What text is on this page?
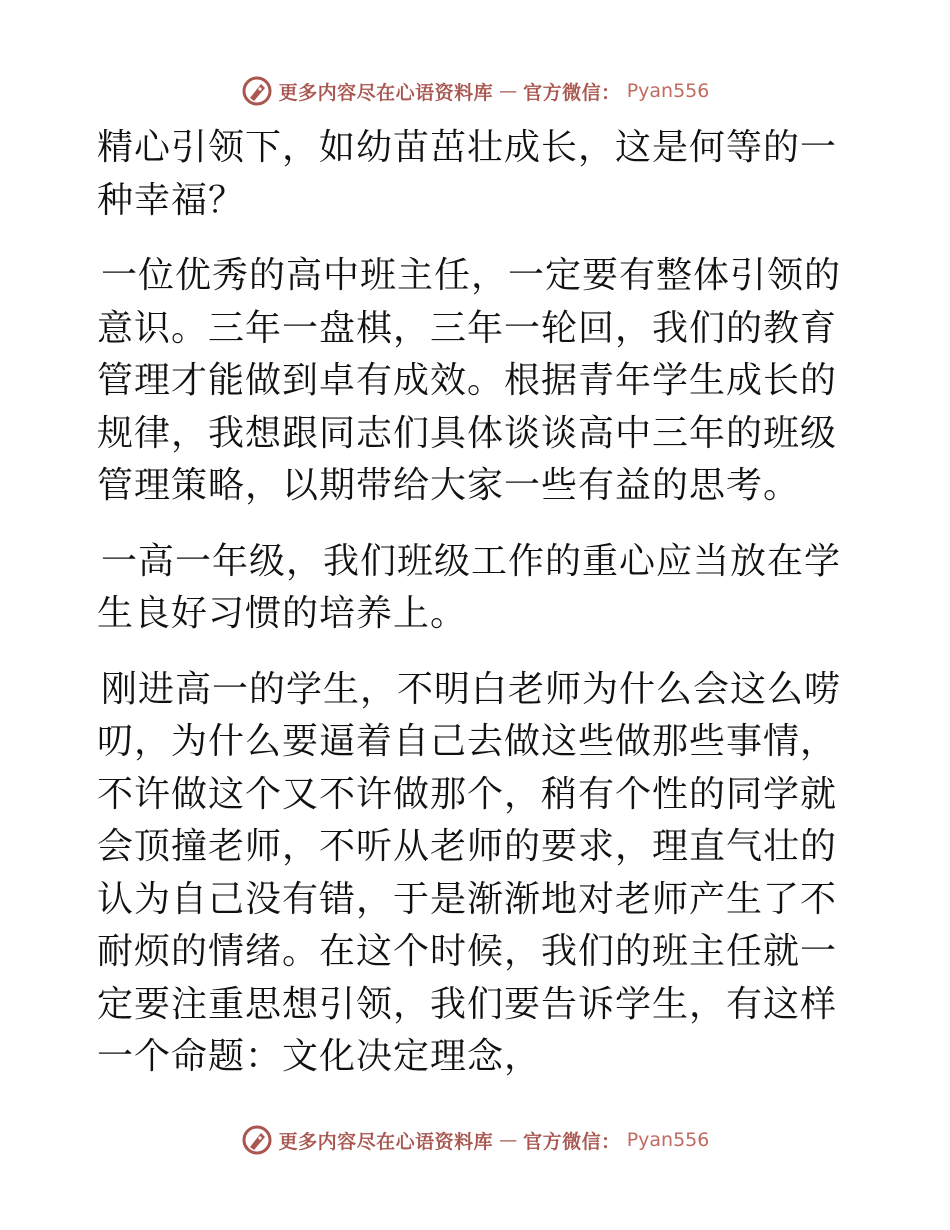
更多内容尽在心语资料库 — 官方微信： Pyan556

精心引领下，如幼苗茁壮成长，这是何等的一种幸福？

一位优秀的高中班主任，一定要有整体引领的意识。三年一盘棋，三年一轮回，我们的教育管理才能做到卓有成效。根据青年学生成长的规律，我想跟同志们具体谈谈高中三年的班级管理策略，以期带给大家一些有益的思考。

一高一年级，我们班级工作的重心应当放在学生良好习惯的培养上。

刚进高一的学生，不明白老师为什么会这么唠叨，为什么要逼着自己去做这些做那些事情，不许做这个又不许做那个，稍有个性的同学就会顶撞老师，不听从老师的要求，理直气壮的认为自己没有错，于是渐渐地对老师产生了不耐烦的情绪。在这个时候，我们的班主任就一定要注重思想引领，我们要告诉学生，有这样一个命题：文化决定理念，

更多内容尽在心语资料库 — 官方微信： Pyan556
